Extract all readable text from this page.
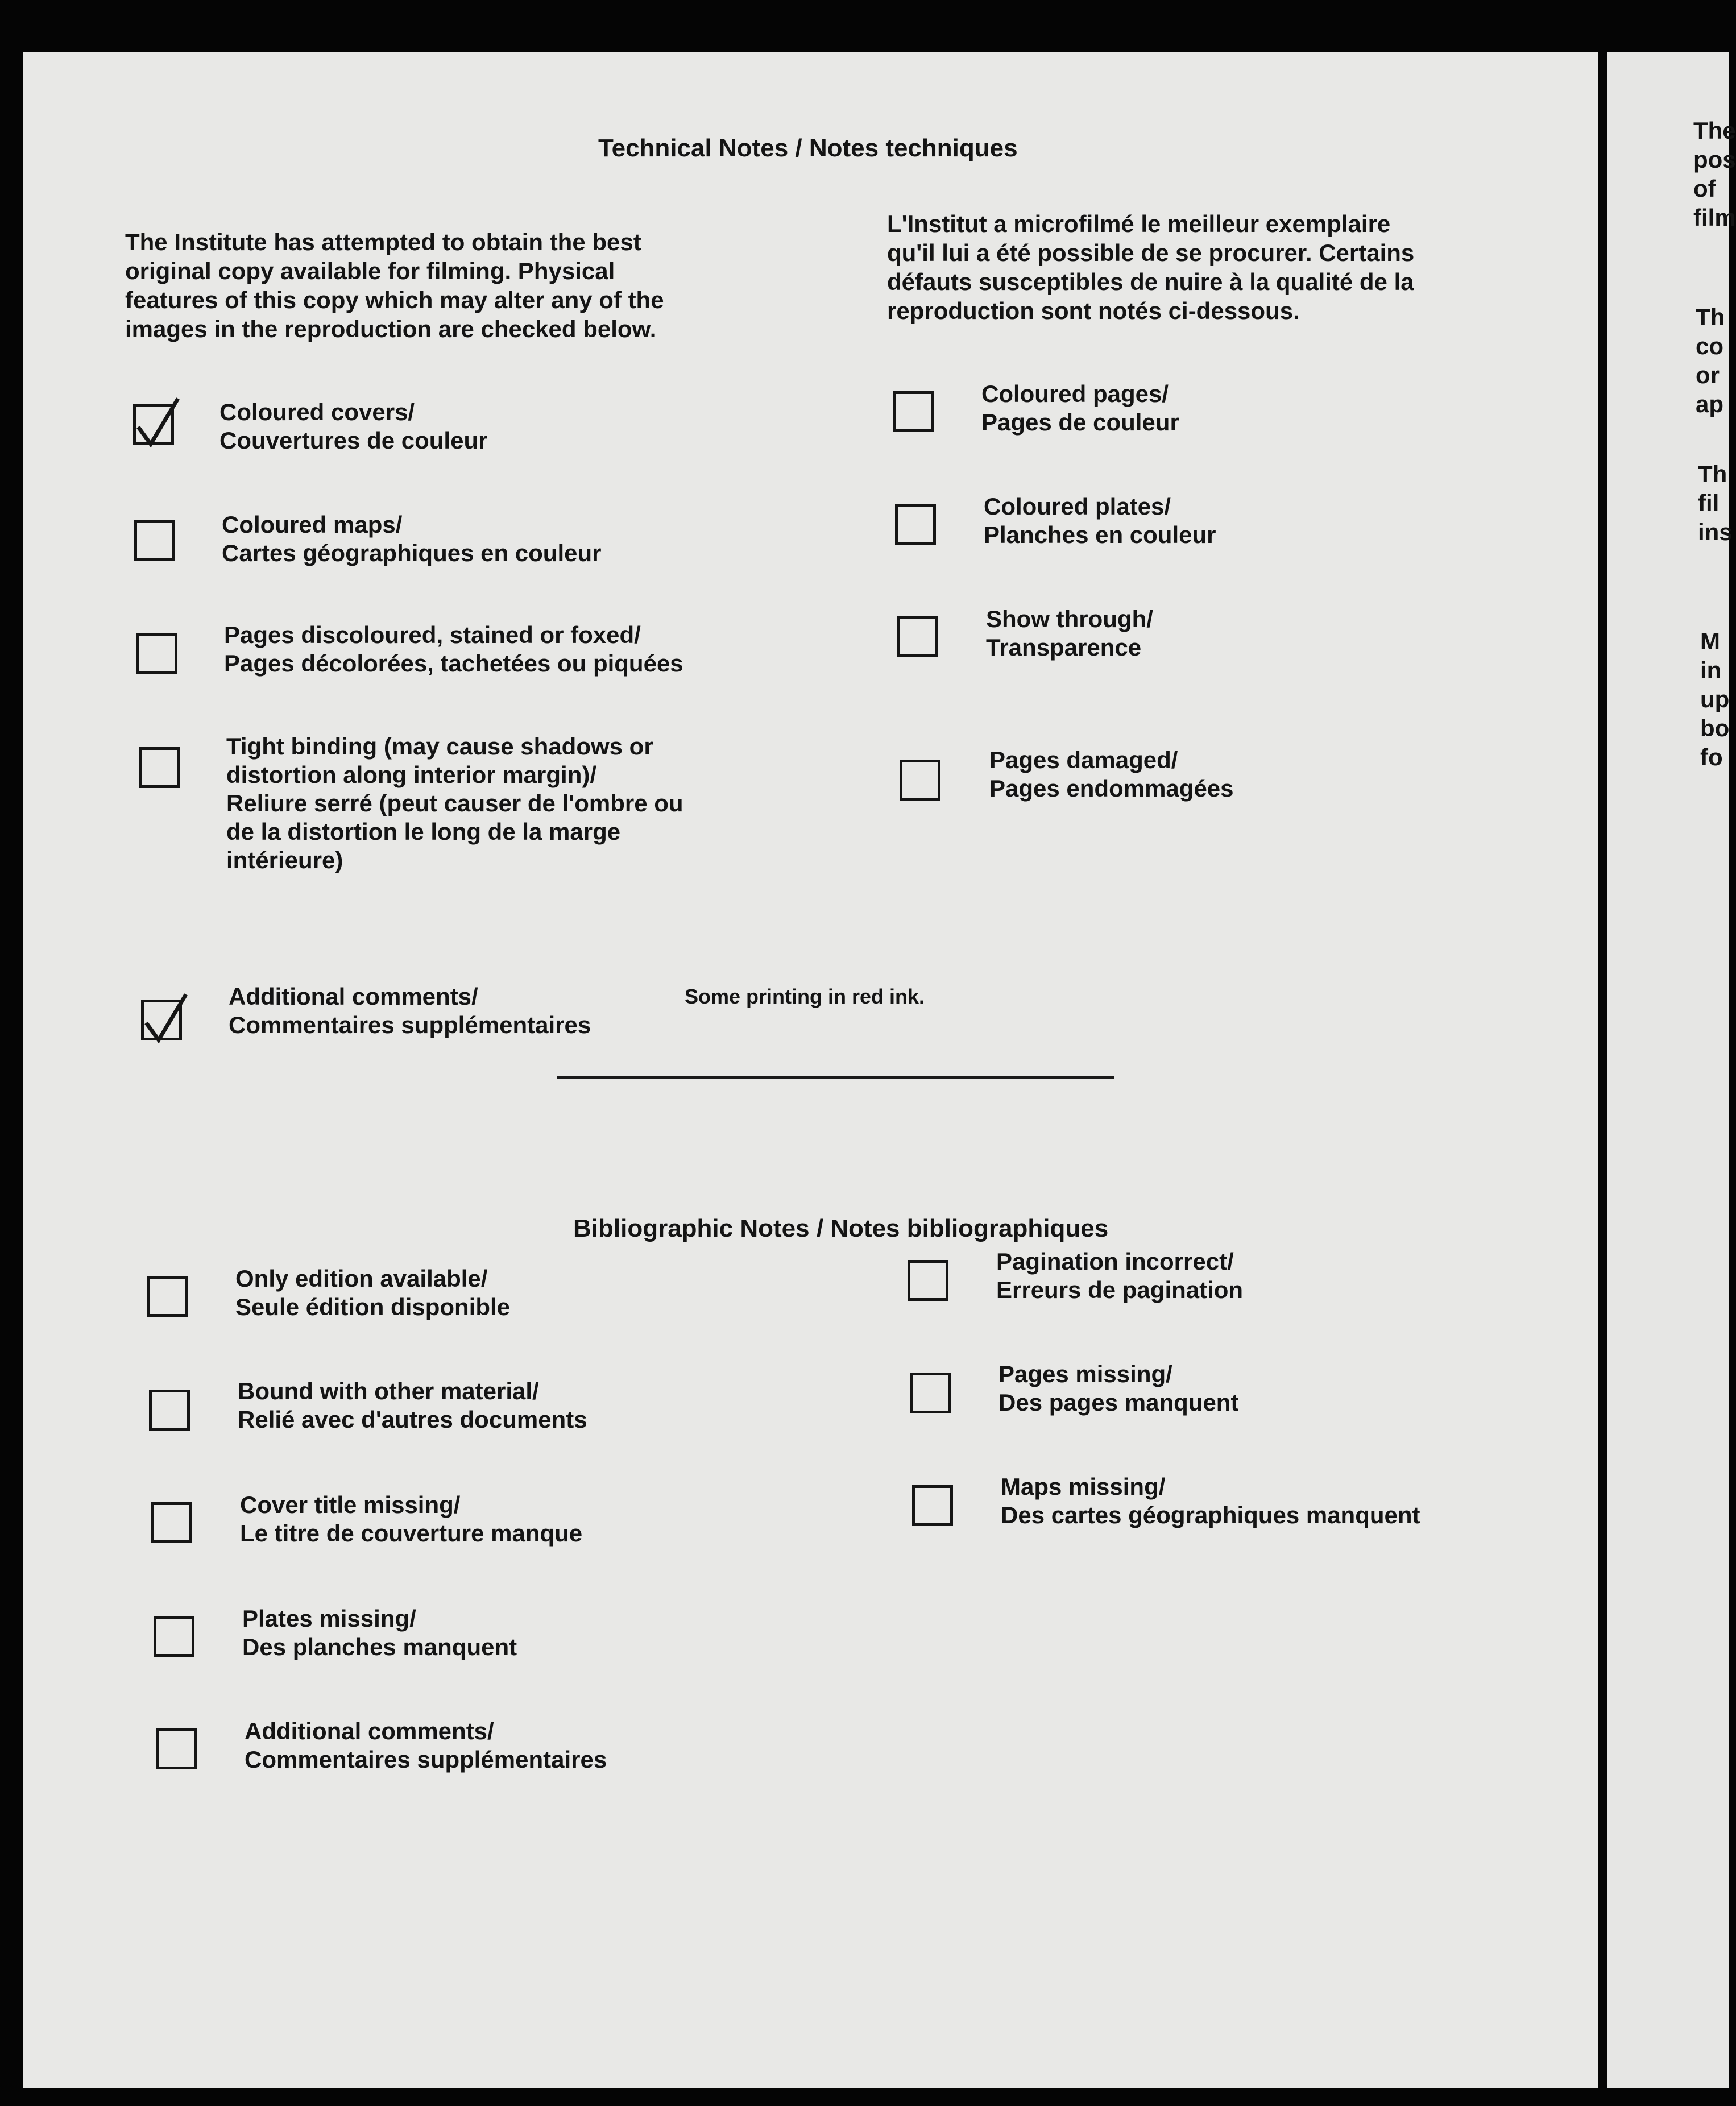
Technical Notes / Notes techniques
The Institute has attempted to obtain the best
original copy available for filming. Physical
features of this copy which may alter any of the
images in the reproduction are checked below.
L'Institut a microfilmé le meilleur exemplaire
qu'il lui a été possible de se procurer. Certains
défauts susceptibles de nuire à la qualité de la
reproduction sont notés ci-dessous.
Coloured covers/
Couvertures de couleur
Coloured maps/
Cartes géographiques en couleur
Pages discoloured, stained or foxed/
Pages décolorées, tachetées ou piquées
Tight binding (may cause shadows or
distortion along interior margin)/
Reliure serré (peut causer de l'ombre ou
de la distortion le long de la marge
intérieure)
Additional comments/
Commentaires supplémentaires
Some printing in red ink.
Coloured pages/
Pages de couleur
Coloured plates/
Planches en couleur
Show through/
Transparence
Pages damaged/
Pages endommagées
Bibliographic Notes / Notes bibliographiques
Only edition available/
Seule édition disponible
Bound with other material/
Relié avec d'autres documents
Cover title missing/
Le titre de couverture manque
Plates missing/
Des planches manquent
Additional comments/
Commentaires supplémentaires
Pagination incorrect/
Erreurs de pagination
Pages missing/
Des pages manquent
Maps missing/
Des cartes géographiques manquent
The
pos
of
film
Th
co
or
ap
Th
fil
ins
M
in
up
bo
fo
